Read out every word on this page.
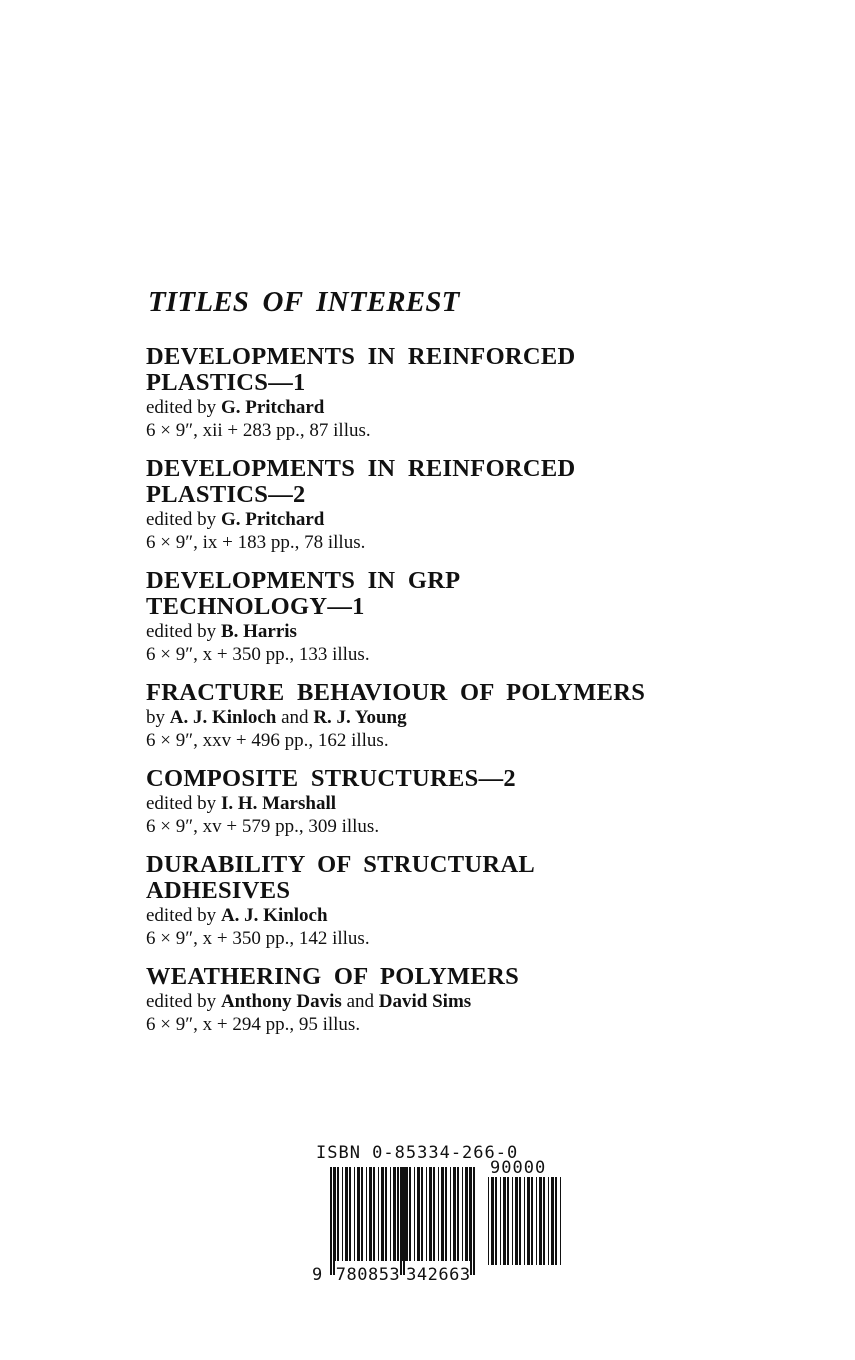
TITLES OF INTEREST
DEVELOPMENTS IN REINFORCED
PLASTICS—1
edited by G. Pritchard
6 × 9″, xii + 283 pp., 87 illus.
DEVELOPMENTS IN REINFORCED
PLASTICS—2
edited by G. Pritchard
6 × 9″, ix + 183 pp., 78 illus.
DEVELOPMENTS IN GRP
TECHNOLOGY—1
edited by B. Harris
6 × 9″, x + 350 pp., 133 illus.
FRACTURE BEHAVIOUR OF POLYMERS
by A. J. Kinloch and R. J. Young
6 × 9″, xxv + 496 pp., 162 illus.
COMPOSITE STRUCTURES—2
edited by I. H. Marshall
6 × 9″, xv + 579 pp., 309 illus.
DURABILITY OF STRUCTURAL
ADHESIVES
edited by A. J. Kinloch
6 × 9″, x + 350 pp., 142 illus.
WEATHERING OF POLYMERS
edited by Anthony Davis and David Sims
6 × 9″, x + 294 pp., 95 illus.
ISBN 0-85334-266-0
90000
9 780853 342663
